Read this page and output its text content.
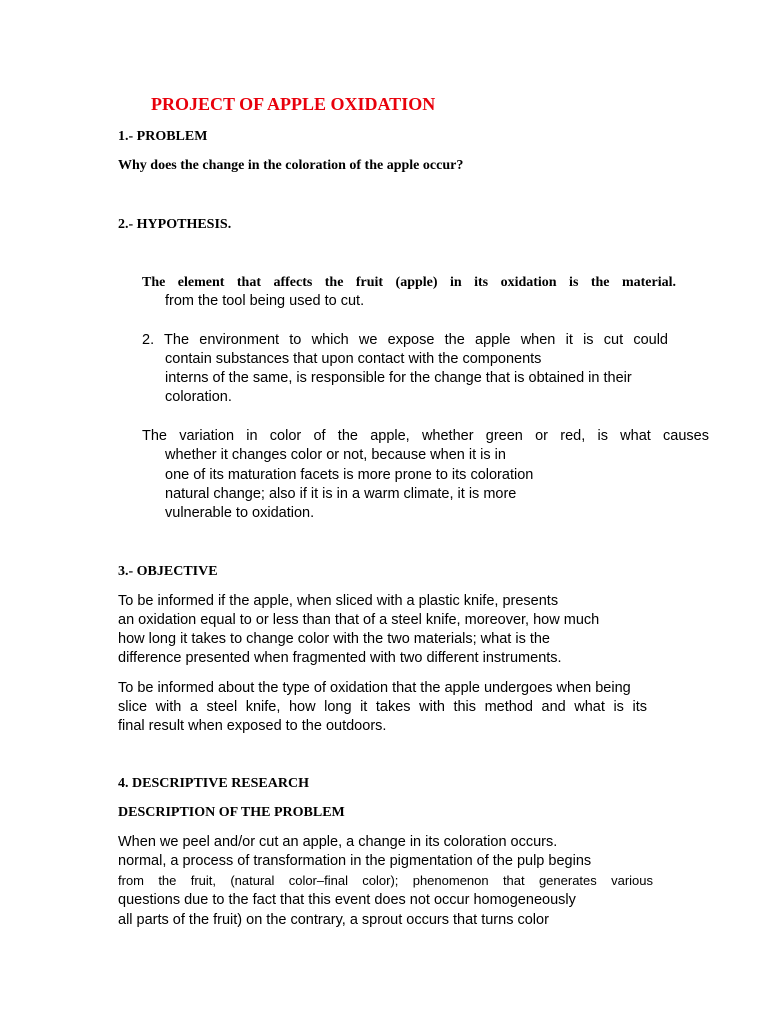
PROJECT OF APPLE OXIDATION
1.- PROBLEM
Why does the change in the coloration of the apple occur?
2.- HYPOTHESIS.
The element that affects the fruit (apple) in its oxidation is the material.
from the tool being used to cut.
2. The environment to which we expose the apple when it is cut could
contain substances that upon contact with the components
interns of the same, is responsible for the change that is obtained in their
coloration.
The variation in color of the apple, whether green or red, is what causes
whether it changes color or not, because when it is in
one of its maturation facets is more prone to its coloration
natural change; also if it is in a warm climate, it is more
vulnerable to oxidation.
3.- OBJECTIVE
To be informed if the apple, when sliced with a plastic knife, presents
an oxidation equal to or less than that of a steel knife, moreover, how much
how long it takes to change color with the two materials; what is the
difference presented when fragmented with two different instruments.
To be informed about the type of oxidation that the apple undergoes when being
slice with a steel knife, how long it takes with this method and what is its
final result when exposed to the outdoors.
4. DESCRIPTIVE RESEARCH
DESCRIPTION OF THE PROBLEM
When we peel and/or cut an apple, a change in its coloration occurs.
normal, a process of transformation in the pigmentation of the pulp begins
from the fruit, (natural color–final color); phenomenon that generates various
questions due to the fact that this event does not occur homogeneously
all parts of the fruit) on the contrary, a sprout occurs that turns color
